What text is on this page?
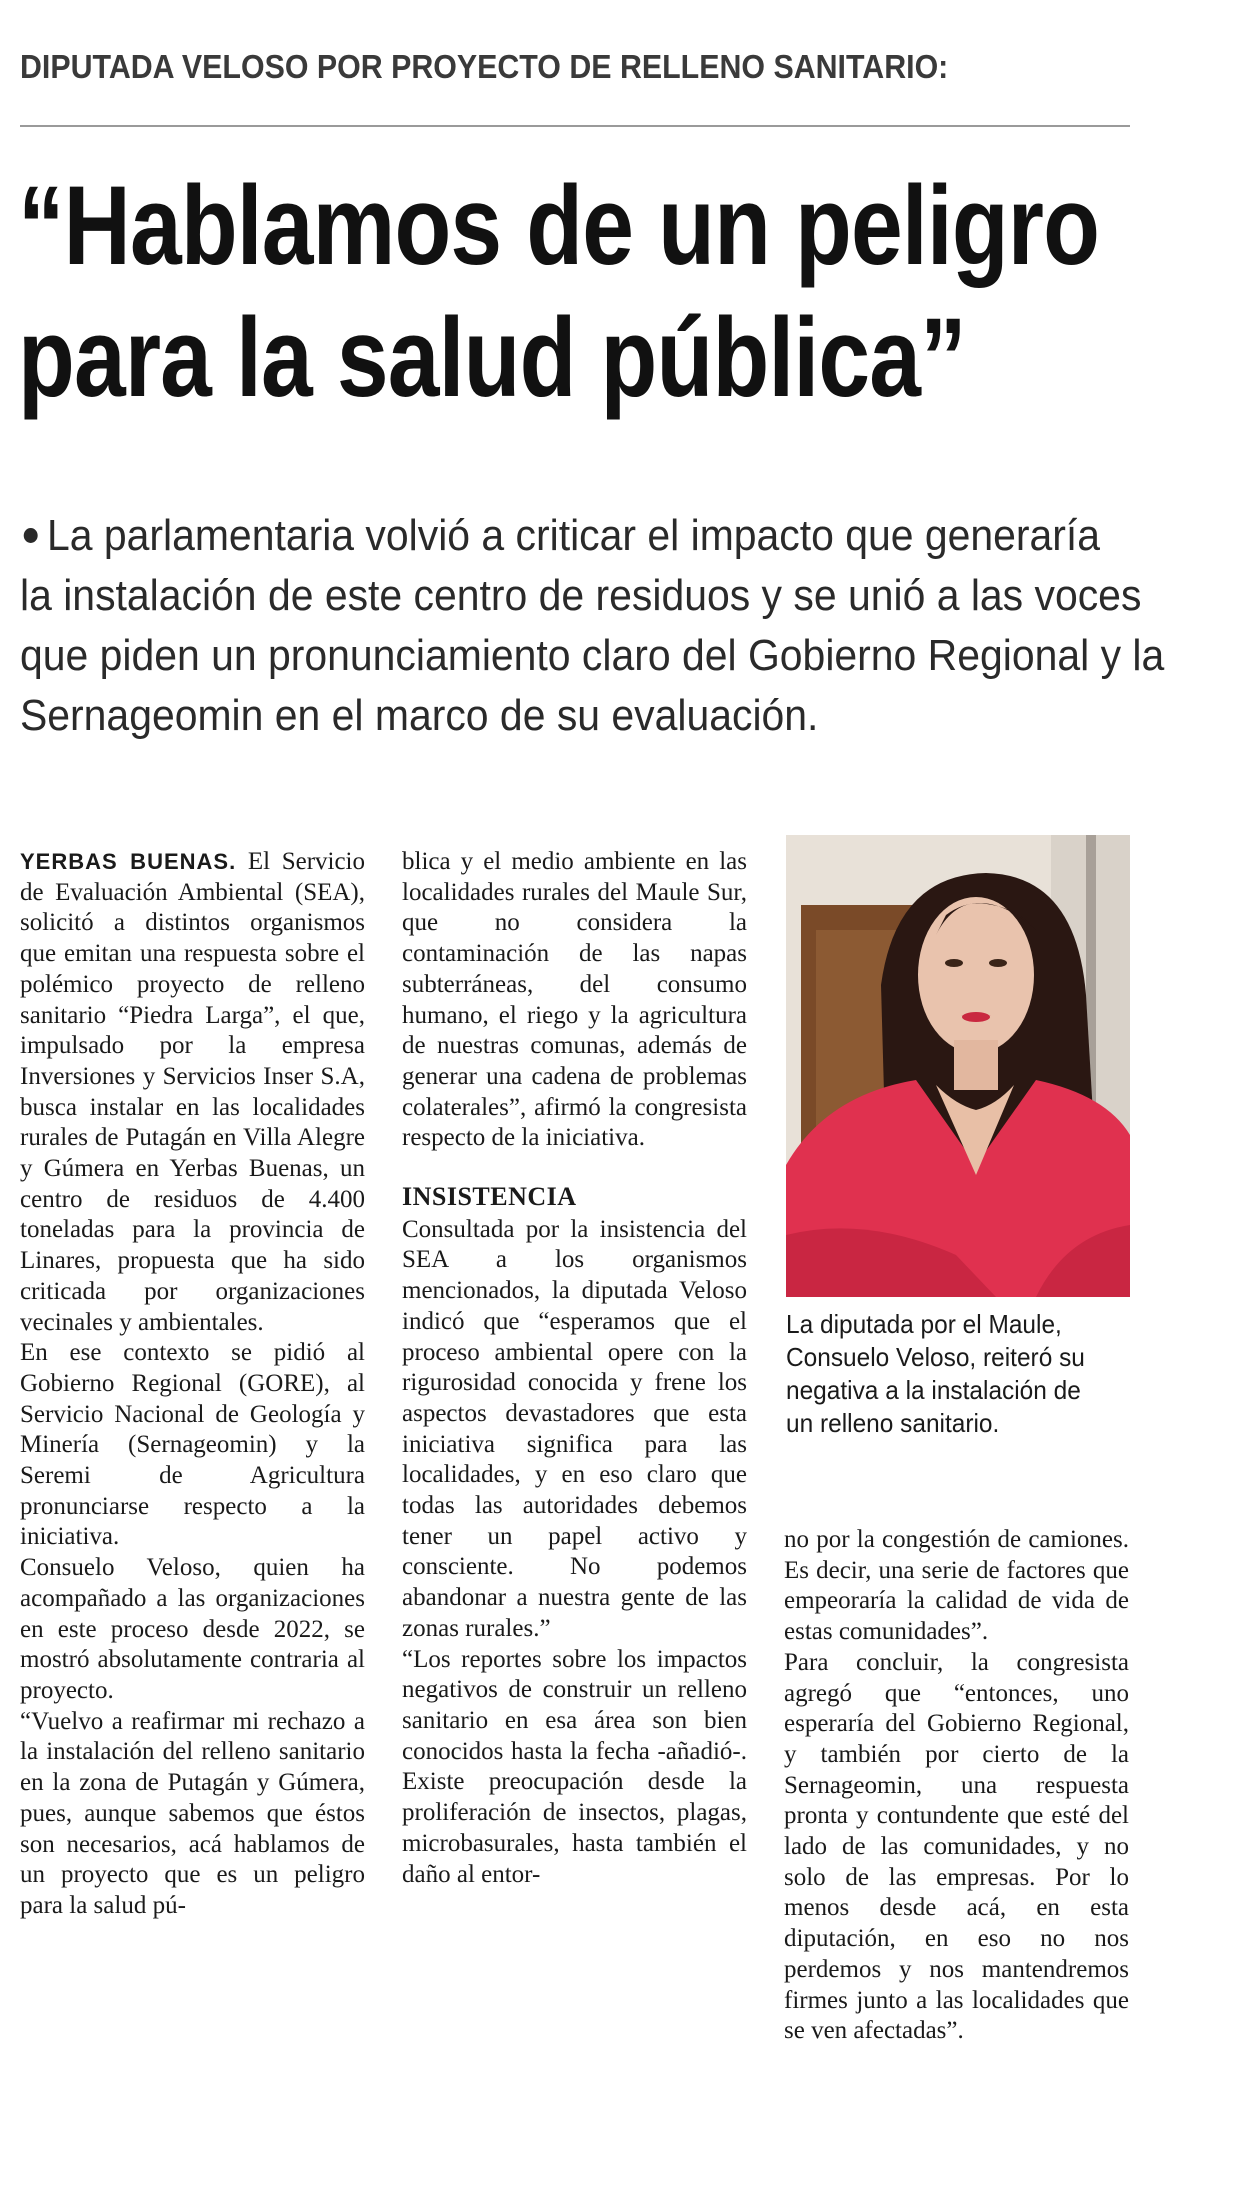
DIPUTADA VELOSO POR PROYECTO DE RELLENO SANITARIO:
“Hablamos de un peligro
para la salud pública”
La parlamentaria volvió a criticar el impacto que generaría
la instalación de este centro de residuos y se unió a las voces
que piden un pronunciamiento claro del Gobierno Regional y la
Sernageomin en el marco de su evaluación.

YERBAS BUENAS. El Servicio de Evaluación Ambiental (SEA), solicitó a distintos organismos que emitan una respuesta sobre el polémico proyecto de relleno sanitario “Piedra Larga”, el que, impulsado por la empresa Inversiones y Servicios Inser S.A, busca instalar en las localidades rurales de Putagán en Villa Alegre y Gúmera en Yerbas Buenas, un centro de residuos de 4.400 toneladas para la provincia de Linares, propuesta que ha sido criticada por organizaciones vecinales y ambientales.

En ese contexto se pidió al Gobierno Regional (GORE), al Servicio Nacional de Geología y Minería (Sernageomin) y la Seremi de Agricultura pronunciarse respecto a la iniciativa.

Consuelo Veloso, quien ha acompañado a las organizaciones en este proceso desde 2022, se mostró absolutamente contraria al proyecto.

“Vuelvo a reafirmar mi rechazo a la instalación del relleno sanitario en la zona de Putagán y Gúmera, pues, aunque sabemos que éstos son necesarios, acá hablamos de un proyecto que es un peligro para la salud pú-

blica y el medio ambiente en las localidades rurales del Maule Sur, que no considera la contaminación de las napas subterráneas, del consumo humano, el riego y la agricultura de nuestras comunas, además de generar una cadena de problemas colaterales”, afirmó la congresista respecto de la iniciativa.

INSISTENCIA

Consultada por la insistencia del SEA a los organismos mencionados, la diputada Veloso indicó que “esperamos que el proceso ambiental opere con la rigurosidad conocida y frene los aspectos devastadores que esta iniciativa significa para las localidades, y en eso claro que todas las autoridades debemos tener un papel activo y consciente. No podemos abandonar a nuestra gente de las zonas rurales.”

“Los reportes sobre los impactos negativos de construir un relleno sanitario en esa área son bien conocidos hasta la fecha -añadió-. Existe preocupación desde la proliferación de insectos, plagas, microbasurales, hasta también el daño al entor-

La diputada por el Maule,
Consuelo Veloso, reiteró su
negativa a la instalación de
un relleno sanitario.

no por la congestión de camiones. Es decir, una serie de factores que empeoraría la calidad de vida de estas comunidades”.

Para concluir, la congresista agregó que “entonces, uno esperaría del Gobierno Regional, y también por cierto de la Sernageomin, una respuesta pronta y contundente que esté del lado de las comunidades, y no solo de las empresas. Por lo menos desde acá, en esta diputación, en eso no nos perdemos y nos mantendremos firmes junto a las localidades que se ven afectadas”.
